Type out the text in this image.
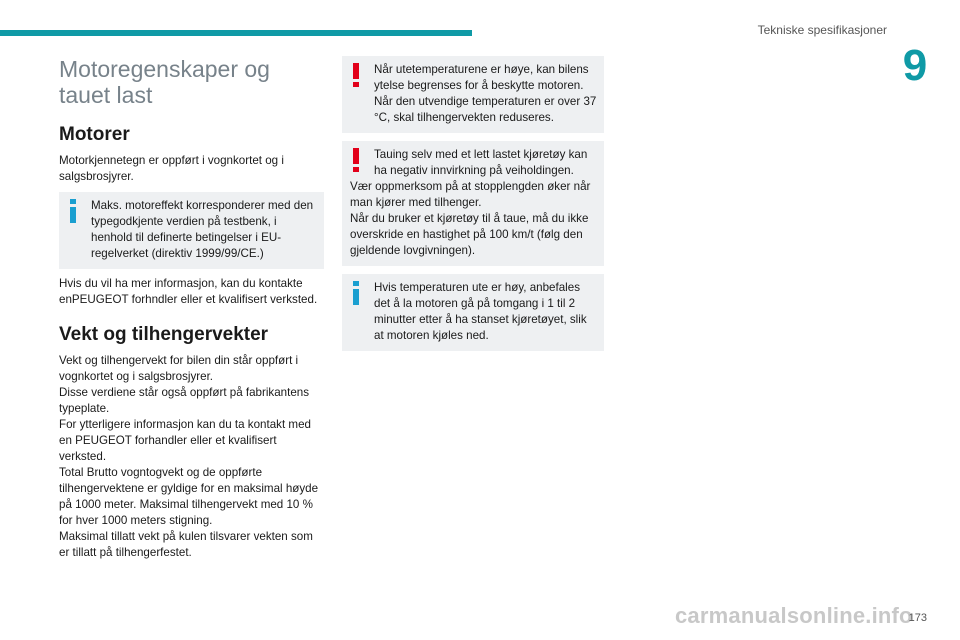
Tekniske spesifikasjoner
9
Motoregenskaper og tauet last
Motorer

Motorkjennetegn er oppført i vognkortet og i salgsbrosjyrer.

Maks. motoreffekt korresponderer med den typegodkjente verdien på testbenk, i henhold til definerte betingelser i EU-regelverket (direktiv 1999/99/CE.)

Hvis du vil ha mer informasjon, kan du kontakte enPEUGEOT forhndler eller et kvalifisert verksted.

Vekt og tilhengervekter

Vekt og tilhengervekt for bilen din står oppført i vognkortet og i salgsbrosjyrer.

Disse verdiene står også oppført på fabrikantens typeplate.

For ytterligere informasjon kan du ta kontakt med en PEUGEOT forhandler eller et kvalifisert verksted.

Total Brutto vogntogvekt og de oppførte tilhengervektene er gyldige for en maksimal høyde på 1000 meter. Maksimal tilhengervekt med 10 % for hver 1000 meters stigning.

Maksimal tillatt vekt på kulen tilsvarer vekten som er tillatt på tilhengerfestet.

Når utetemperaturene er høye, kan bilens ytelse begrenses for å beskytte motoren. Når den utvendige temperaturen er over 37 °C, skal tilhengervekten reduseres.
Tauing selv med et lett lastet kjøretøy kan ha negativ innvirkning på veiholdingen.
Vær oppmerksom på at stopplengden øker når man kjører med tilhenger.
Når du bruker et kjøretøy til å taue, må du ikke overskride en hastighet på 100 km/t (følg den gjeldende lovgivningen).
Hvis temperaturen ute er høy, anbefales det å la motoren gå på tomgang i 1 til 2 minutter etter å ha stanset kjøretøyet, slik at motoren kjøles ned.
carmanualsonline.info
173
